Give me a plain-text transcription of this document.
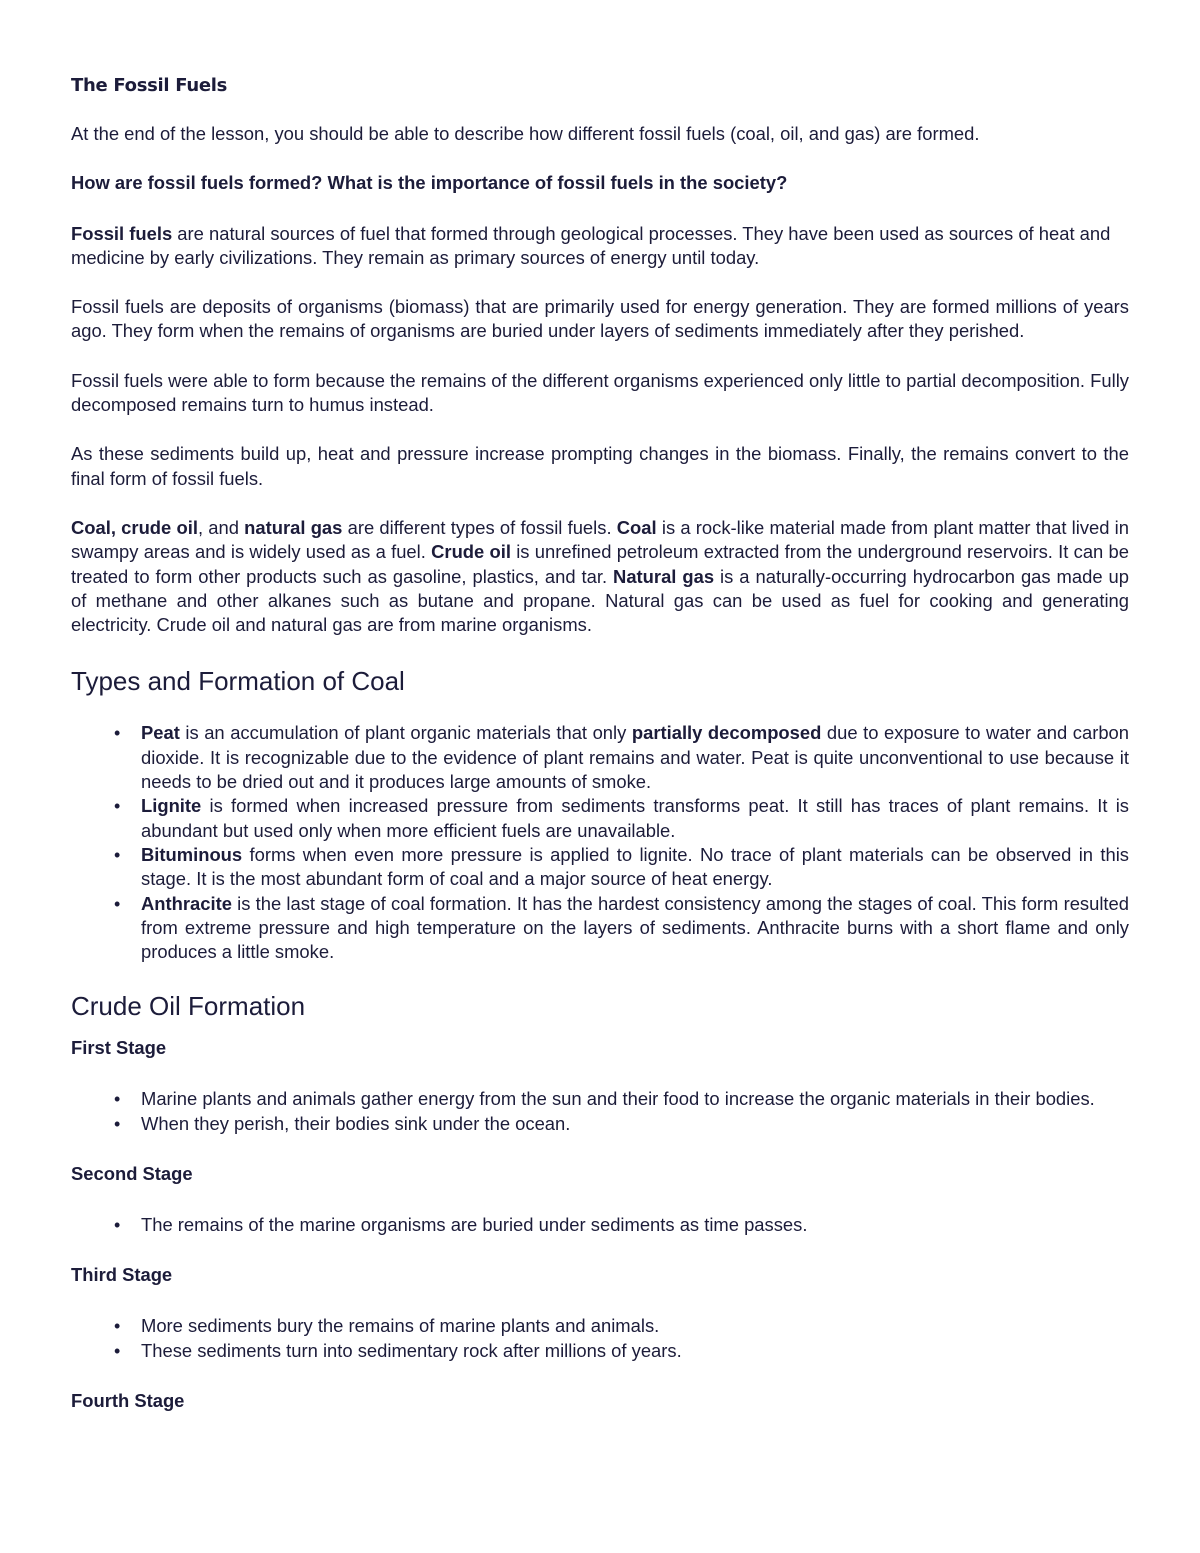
The Fossil Fuels

At the end of the lesson, you should be able to describe how different fossil fuels (coal, oil, and gas) are formed.

How are fossil fuels formed? What is the importance of fossil fuels in the society?

Fossil fuels are natural sources of fuel that formed through geological processes. They have been used as sources of heat and medicine by early civilizations. They remain as primary sources of energy until today.

Fossil fuels are deposits of organisms (biomass) that are primarily used for energy generation. They are formed millions of years ago. They form when the remains of organisms are buried under layers of sediments immediately after they perished.

Fossil fuels were able to form because the remains of the different organisms experienced only little to partial decomposition. Fully decomposed remains turn to humus instead.

As these sediments build up, heat and pressure increase prompting changes in the biomass. Finally, the remains convert to the final form of fossil fuels.

Coal, crude oil, and natural gas are different types of fossil fuels. Coal is a rock-like material made from plant matter that lived in swampy areas and is widely used as a fuel. Crude oil is unrefined petroleum extracted from the underground reservoirs. It can be treated to form other products such as gasoline, plastics, and tar. Natural gas is a naturally-occurring hydrocarbon gas made up of methane and other alkanes such as butane and propane. Natural gas can be used as fuel for cooking and generating electricity. Crude oil and natural gas are from marine organisms.

Types and Formation of Coal
• Peat is an accumulation of plant organic materials that only partially decomposed due to exposure to water and carbon dioxide. It is recognizable due to the evidence of plant remains and water. Peat is quite unconventional to use because it needs to be dried out and it produces large amounts of smoke.
• Lignite is formed when increased pressure from sediments transforms peat. It still has traces of plant remains. It is abundant but used only when more efficient fuels are unavailable.
• Bituminous forms when even more pressure is applied to lignite. No trace of plant materials can be observed in this stage. It is the most abundant form of coal and a major source of heat energy.
• Anthracite is the last stage of coal formation. It has the hardest consistency among the stages of coal. This form resulted from extreme pressure and high temperature on the layers of sediments. Anthracite burns with a short flame and only produces a little smoke.
Crude Oil Formation
First Stage
• Marine plants and animals gather energy from the sun and their food to increase the organic materials in their bodies.
• When they perish, their bodies sink under the ocean.
Second Stage
• The remains of the marine organisms are buried under sediments as time passes.
Third Stage
• More sediments bury the remains of marine plants and animals.
• These sediments turn into sedimentary rock after millions of years.
Fourth Stage
